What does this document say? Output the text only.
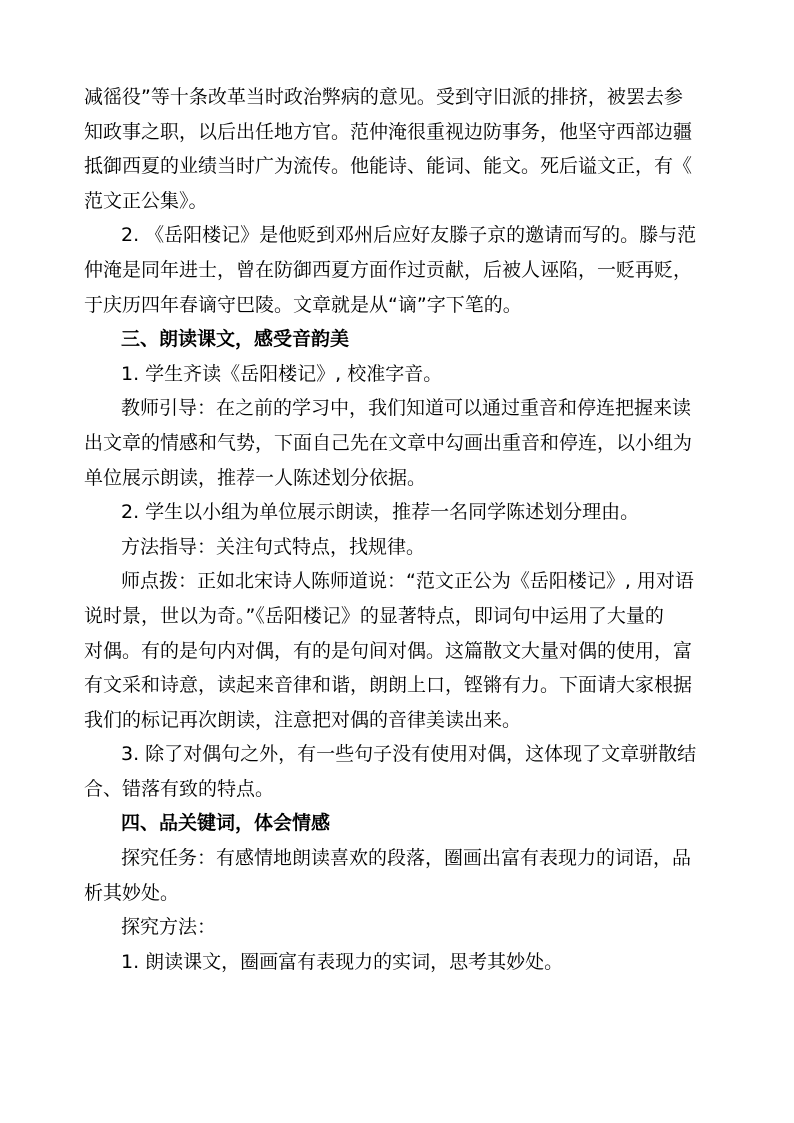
减徭役”等十条改革当时政治弊病的意见。受到守旧派的排挤，被罢去参
知政事之职，以后出任地方官。范仲淹很重视边防事务，他坚守西部边疆
抵御西夏的业绩当时广为流传。他能诗、能词、能文。死后谥文正，有《
范文正公集》。

2. 《岳阳楼记》是他贬到邓州后应好友滕子京的邀请而写的。滕与范
仲淹是同年进士，曾在防御西夏方面作过贡献，后被人诬陷，一贬再贬，
于庆历四年春谪守巴陵。文章就是从“谪”字下笔的。

三、朗读课文，感受音韵美

1. 学生齐读《岳阳楼记》, 校准字音。

教师引导：在之前的学习中，我们知道可以通过重音和停连把握来读
出文章的情感和气势，下面自己先在文章中勾画出重音和停连，以小组为
单位展示朗读，推荐一人陈述划分依据。

2. 学生以小组为单位展示朗读，推荐一名同学陈述划分理由。

方法指导：关注句式特点，找规律。

师点拨：正如北宋诗人陈师道说：“范文正公为《岳阳楼记》, 用对语
说时景，世以为奇。”《岳阳楼记》的显著特点，即词句中运用了大量的
对偶。有的是句内对偶，有的是句间对偶。这篇散文大量对偶的使用，富
有文采和诗意，读起来音律和谐，朗朗上口，铿锵有力。下面请大家根据
我们的标记再次朗读，注意把对偶的音律美读出来。

3. 除了对偶句之外，有一些句子没有使用对偶，这体现了文章骈散结
合、错落有致的特点。

四、品关键词，体会情感

探究任务：有感情地朗读喜欢的段落，圈画出富有表现力的词语，品
析其妙处。

探究方法：

1. 朗读课文，圈画富有表现力的实词，思考其妙处。
